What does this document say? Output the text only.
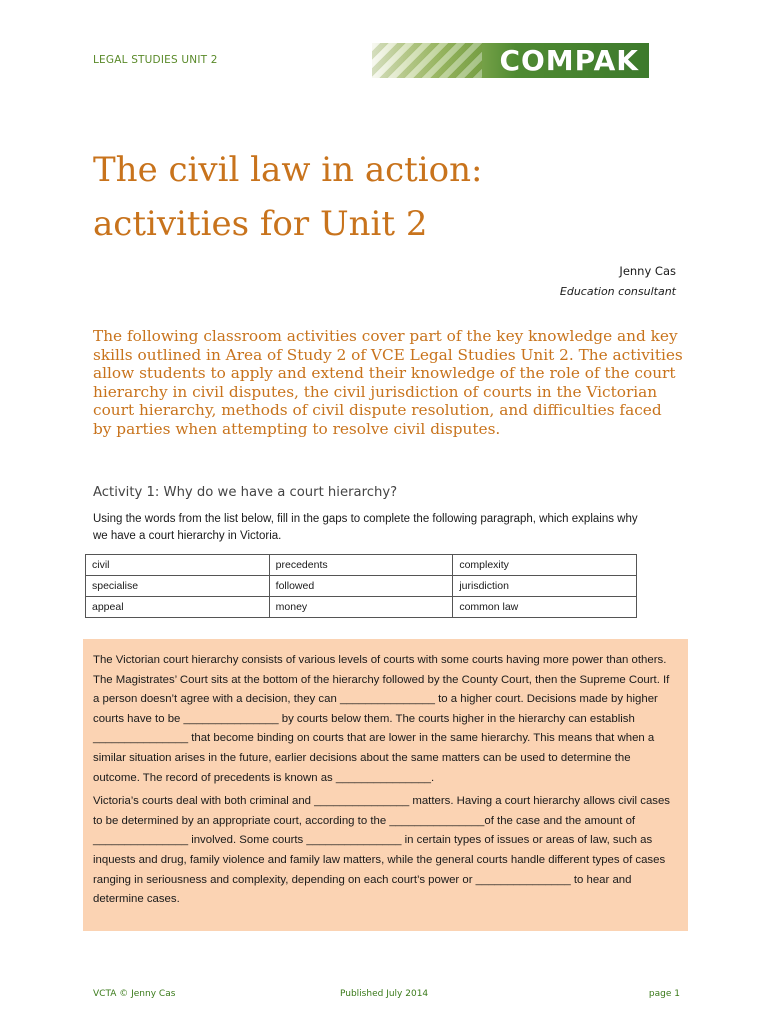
LEGAL STUDIES UNIT 2	COMPAK
The civil law in action:
activities for Unit 2
Jenny Cas
Education consultant

The following classroom activities cover part of the key knowledge and key skills outlined in Area of Study 2 of VCE Legal Studies Unit 2. The activities allow students to apply and extend their knowledge of the role of the court hierarchy in civil disputes, the civil jurisdiction of courts in the Victorian court hierarchy, methods of civil dispute resolution, and difficulties faced by parties when attempting to resolve civil disputes.

Activity 1: Why do we have a court hierarchy?

Using the words from the list below, fill in the gaps to complete the following paragraph, which explains why we have a court hierarchy in Victoria.

civil	precedents	complexity
specialise	followed	jurisdiction
appeal	money	common law

The Victorian court hierarchy consists of various levels of courts with some courts having more power than others. The Magistrates’ Court sits at the bottom of the hierarchy followed by the County Court, then the Supreme Court. If a person doesn’t agree with a decision, they can _______________ to a higher court. Decisions made by higher courts have to be _______________ by courts below them. The courts higher in the hierarchy can establish _______________ that become binding on courts that are lower in the same hierarchy. This means that when a similar situation arises in the future, earlier decisions about the same matters can be used to determine the outcome. The record of precedents is known as _______________.

Victoria’s courts deal with both criminal and _______________ matters. Having a court hierarchy allows civil cases to be determined by an appropriate court, according to the _______________of the case and the amount of _______________ involved. Some courts _______________ in certain types of issues or areas of law, such as inquests and drug, family violence and family law matters, while the general courts handle different types of cases ranging in seriousness and complexity, depending on each court’s power or _______________ to hear and determine cases.

VCTA © Jenny Cas	Published July 2014	page 1
